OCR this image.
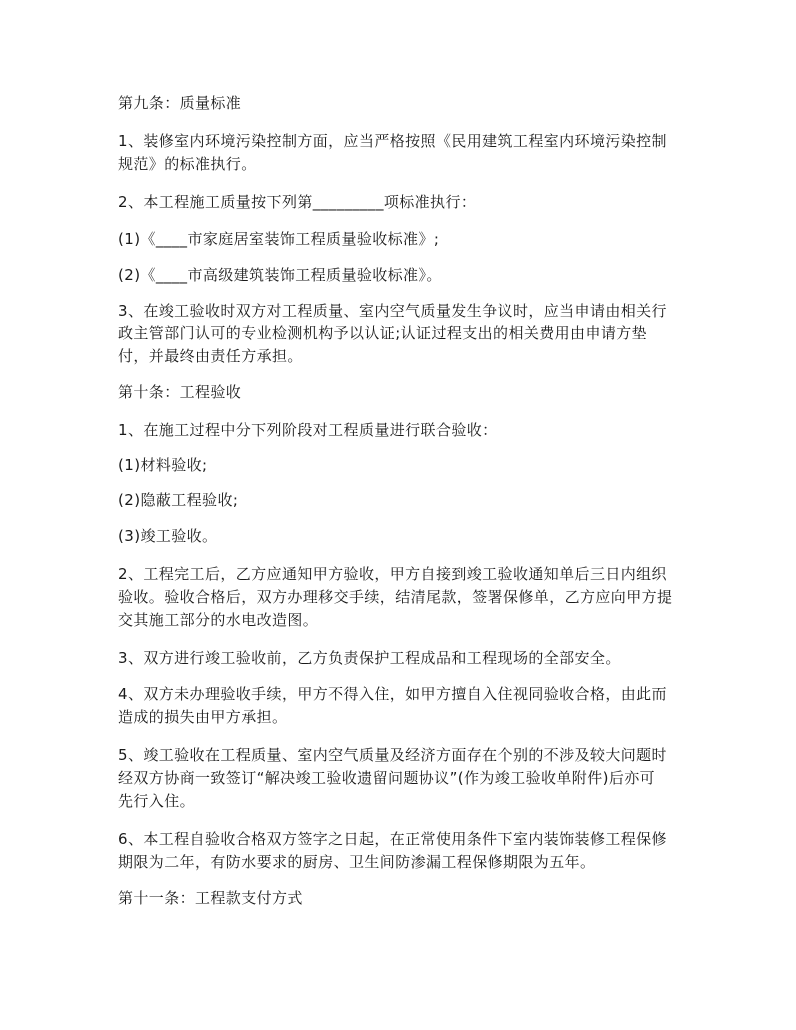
第九条：质量标准
1、装修室内环境污染控制方面，应当严格按照《民用建筑工程室内环境污染控制
规范》的标准执行。
2、本工程施工质量按下列第_________项标准执行：
(1)《____市家庭居室装饰工程质量验收标准》;
(2)《____市高级建筑装饰工程质量验收标准》。
3、在竣工验收时双方对工程质量、室内空气质量发生争议时，应当申请由相关行
政主管部门认可的专业检测机构予以认证;认证过程支出的相关费用由申请方垫
付，并最终由责任方承担。
第十条：工程验收
1、在施工过程中分下列阶段对工程质量进行联合验收：
(1)材料验收;
(2)隐蔽工程验收;
(3)竣工验收。
2、工程完工后，乙方应通知甲方验收，甲方自接到竣工验收通知单后三日内组织
验收。验收合格后，双方办理移交手续，结清尾款，签署保修单，乙方应向甲方提
交其施工部分的水电改造图。
3、双方进行竣工验收前，乙方负责保护工程成品和工程现场的全部安全。
4、双方未办理验收手续，甲方不得入住，如甲方擅自入住视同验收合格，由此而
造成的损失由甲方承担。
5、竣工验收在工程质量、室内空气质量及经济方面存在个别的不涉及较大问题时
经双方协商一致签订“解决竣工验收遗留问题协议”(作为竣工验收单附件)后亦可
先行入住。
6、本工程自验收合格双方签字之日起，在正常使用条件下室内装饰装修工程保修
期限为二年，有防水要求的厨房、卫生间防渗漏工程保修期限为五年。
第十一条：工程款支付方式
